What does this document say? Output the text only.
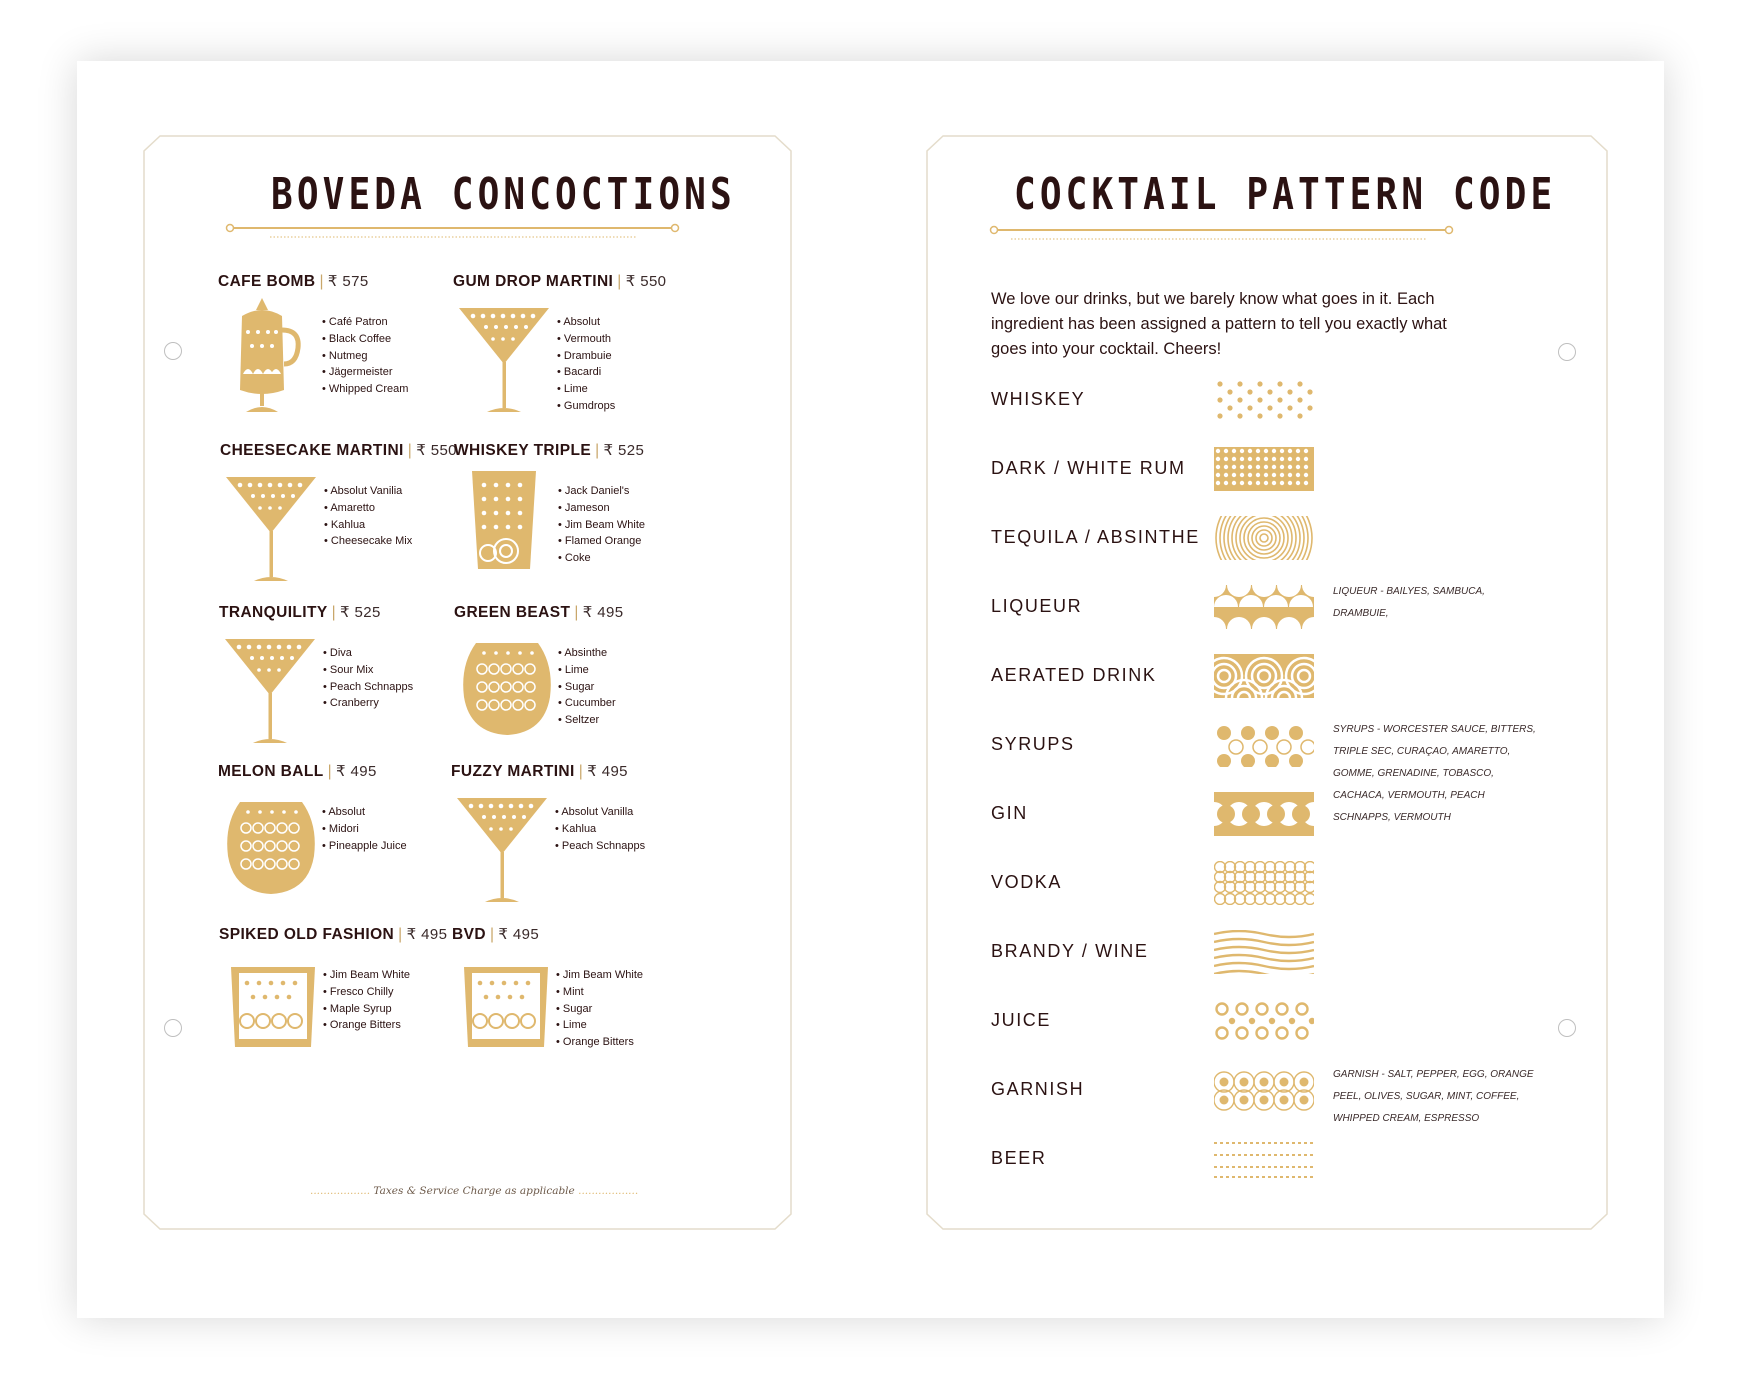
BOVEDA CONCOCTIONS
CAFE BOMB | ₹ 575
• Café Patron
• Black Coffee
• Nutmeg
• Jägermeister
• Whipped Cream
GUM DROP MARTINI | ₹ 550
• Absolut
• Vermouth
• Drambuie
• Bacardi
• Lime
• Gumdrops
CHEESECAKE MARTINI | ₹ 550
• Absolut Vanilia
• Amaretto
• Kahlua
• Cheesecake Mix
WHISKEY TRIPLE | ₹ 525
• Jack Daniel's
• Jameson
• Jim Beam White
• Flamed Orange
• Coke
TRANQUILITY | ₹ 525
• Diva
• Sour Mix
• Peach Schnapps
• Cranberry
GREEN BEAST | ₹ 495
• Absinthe
• Lime
• Sugar
• Cucumber
• Seltzer
MELON BALL | ₹ 495
• Absolut
• Midori
• Pineapple Juice
FUZZY MARTINI | ₹ 495
• Absolut Vanilla
• Kahlua
• Peach Schnapps
SPIKED OLD FASHION | ₹ 495
• Jim Beam White
• Fresco Chilly
• Maple Syrup
• Orange Bitters
BVD | ₹ 495
• Jim Beam White
• Mint
• Sugar
• Lime
• Orange Bitters
.................. Taxes & Service Charge as applicable ..................
COCKTAIL PATTERN CODE
We love our drinks, but we barely know what goes in it. Each ingredient has been assigned a pattern to tell you exactly what goes into your cocktail. Cheers!
WHISKEY
DARK / WHITE RUM
TEQUILA / ABSINTHE
LIQUEUR
LIQUEUR - BAILYES, SAMBUCA, DRAMBUIE,
AERATED DRINK
SYRUPS
SYRUPS - WORCESTER SAUCE, BITTERS, TRIPLE SEC, CURAÇAO, AMARETTO, GOMME, GRENADINE, TOBASCO, CACHACA, VERMOUTH, PEACH SCHNAPPS, VERMOUTH
GIN
VODKA
BRANDY / WINE
JUICE
GARNISH
GARNISH - SALT, PEPPER, EGG, ORANGE PEEL, OLIVES, SUGAR, MINT, COFFEE, WHIPPED CREAM, ESPRESSO
BEER
